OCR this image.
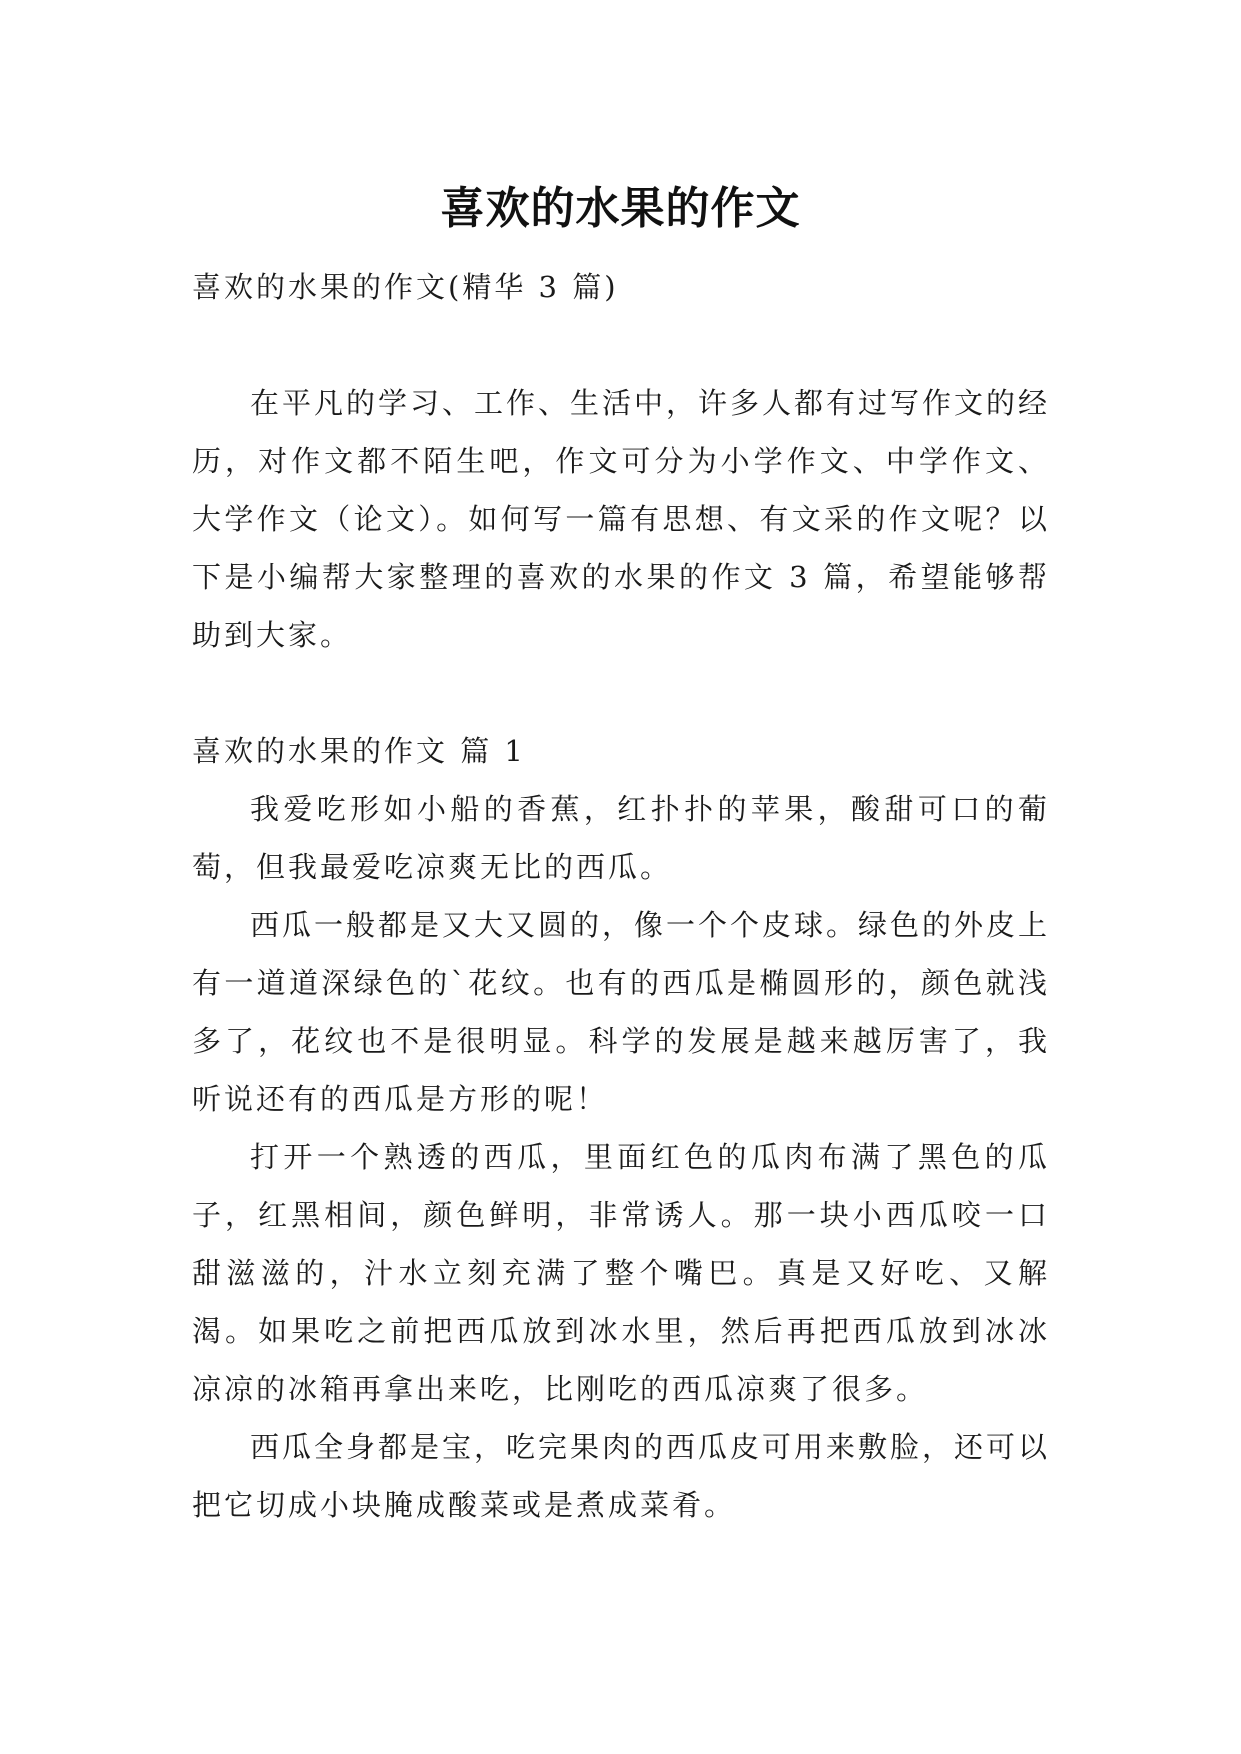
喜欢的水果的作文

喜欢的水果的作文(精华 3 篇)

在平凡的学习、工作、生活中，许多人都有过写作文的经历，对作文都不陌生吧，作文可分为小学作文、中学作文、大学作文（论文）。如何写一篇有思想、有文采的作文呢？以下是小编帮大家整理的喜欢的水果的作文 3 篇，希望能够帮助到大家。

喜欢的水果的作文 篇 1

我爱吃形如小船的香蕉，红扑扑的苹果，酸甜可口的葡萄，但我最爱吃凉爽无比的西瓜。

西瓜一般都是又大又圆的，像一个个皮球。绿色的外皮上有一道道深绿色的`花纹。也有的西瓜是椭圆形的，颜色就浅多了，花纹也不是很明显。科学的发展是越来越厉害了，我听说还有的西瓜是方形的呢！

打开一个熟透的西瓜，里面红色的瓜肉布满了黑色的瓜子，红黑相间，颜色鲜明，非常诱人。那一块小西瓜咬一口甜滋滋的，汁水立刻充满了整个嘴巴。真是又好吃、又解渴。如果吃之前把西瓜放到冰水里，然后再把西瓜放到冰冰凉凉的冰箱再拿出来吃，比刚吃的西瓜凉爽了很多。

西瓜全身都是宝，吃完果肉的西瓜皮可用来敷脸，还可以把它切成小块腌成酸菜或是煮成菜肴。
